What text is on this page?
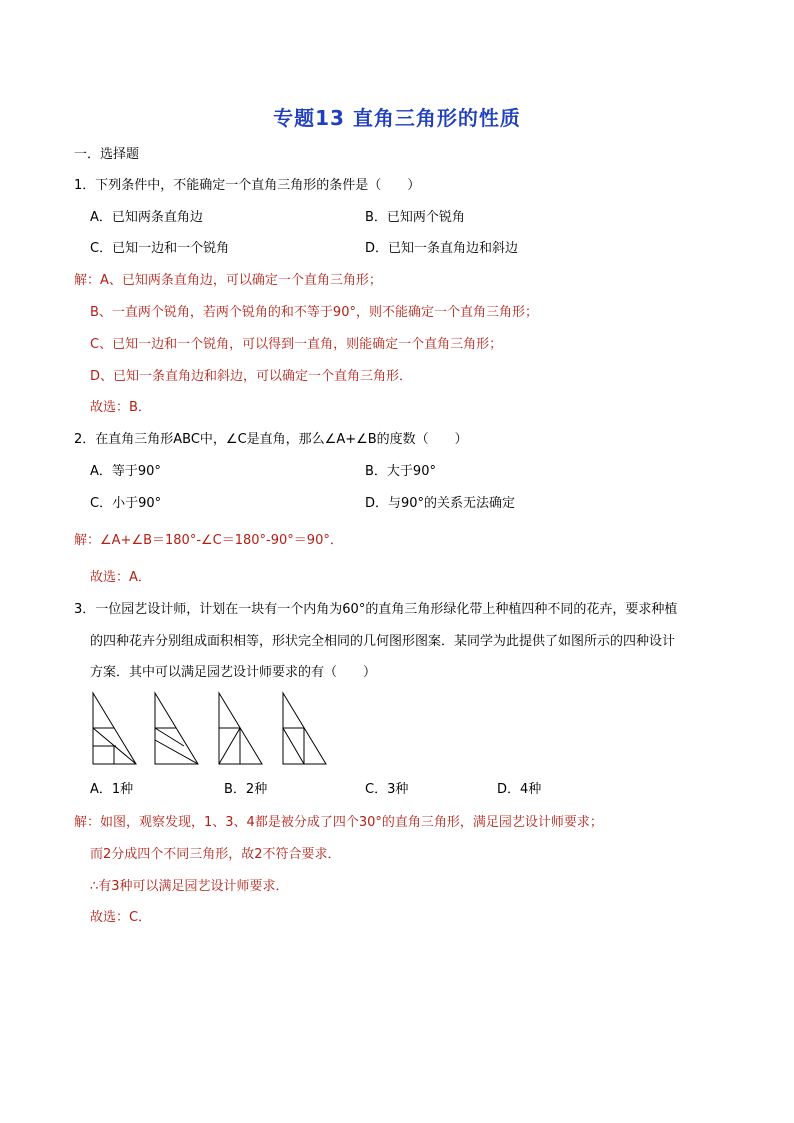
专题13 直角三角形的性质
一．选择题
1．下列条件中，不能确定一个直角三角形的条件是（　　）
A．已知两条直角边	B．已知两个锐角
C．已知一边和一个锐角	D．已知一条直角边和斜边
解：A、已知两条直角边，可以确定一个直角三角形；
B、一直两个锐角，若两个锐角的和不等于90°，则不能确定一个直角三角形；
C、已知一边和一个锐角，可以得到一直角，则能确定一个直角三角形；
D、已知一条直角边和斜边，可以确定一个直角三角形．
故选：B．
2．在直角三角形ABC中，∠C是直角，那么∠A+∠B的度数（　　）
A．等于90°	B．大于90°
C．小于90°	D．与90°的关系无法确定
解：∠A+∠B＝180°-∠C＝180°-90°＝90°．
故选：A．
3．一位园艺设计师，计划在一块有一个内角为60°的直角三角形绿化带上种植四种不同的花卉，要求种植
的四种花卉分别组成面积相等，形状完全相同的几何图形图案．某同学为此提供了如图所示的四种设计
方案．其中可以满足园艺设计师要求的有（　　）
A．1种	B．2种	C．3种	D．4种
解：如图，观察发现，1、3、4都是被分成了四个30°的直角三角形，满足园艺设计师要求；
而2分成四个不同三角形，故2不符合要求．
∴有3种可以满足园艺设计师要求．
故选：C．
